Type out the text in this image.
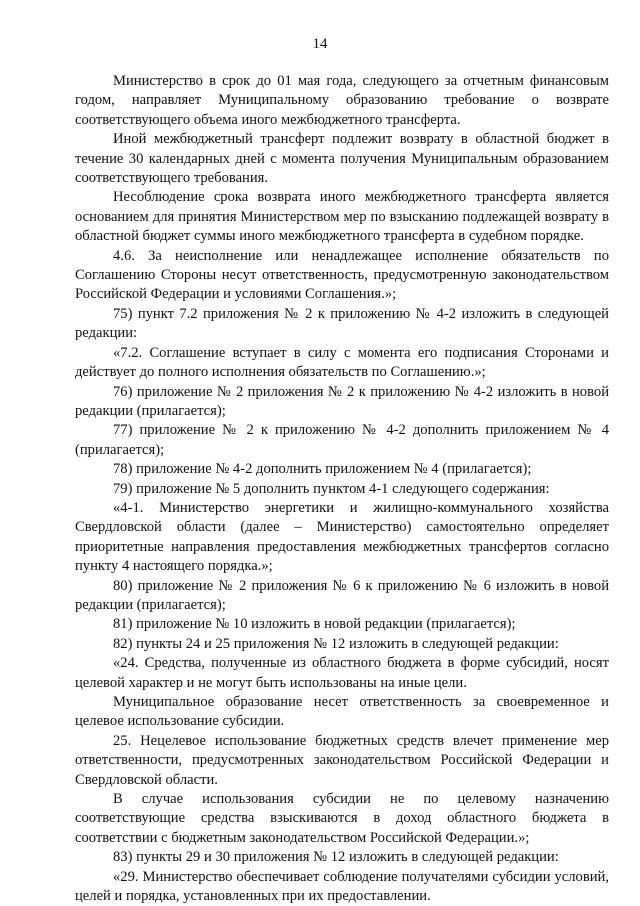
14

Министерство в срок до 01 мая года, следующего за отчетным финансовым годом, направляет Муниципальному образованию требование о возврате соответствующего объема иного межбюджетного трансферта.

Иной межбюджетный трансферт подлежит возврату в областной бюджет в течение 30 календарных дней с момента получения Муниципальным образованием соответствующего требования.

Несоблюдение срока возврата иного межбюджетного трансферта является основанием для принятия Министерством мер по взысканию подлежащей возврату в областной бюджет суммы иного межбюджетного трансферта в судебном порядке.

4.6. За неисполнение или ненадлежащее исполнение обязательств по Соглашению Стороны несут ответственность, предусмотренную законодательством Российской Федерации и условиями Соглашения.»;

75) пункт 7.2 приложения № 2 к приложению № 4-2 изложить в следующей редакции:

«7.2. Соглашение вступает в силу с момента его подписания Сторонами и действует до полного исполнения обязательств по Соглашению.»;

76) приложение № 2 приложения № 2 к приложению № 4-2 изложить в новой редакции (прилагается);

77) приложение № 2 к приложению № 4-2 дополнить приложением № 4 (прилагается);

78) приложение № 4-2 дополнить приложением № 4 (прилагается);

79) приложение № 5 дополнить пунктом 4-1 следующего содержания:

«4-1. Министерство энергетики и жилищно-коммунального хозяйства Свердловской области (далее – Министерство) самостоятельно определяет приоритетные направления предоставления межбюджетных трансфертов согласно пункту 4 настоящего порядка.»;

80) приложение № 2 приложения № 6 к приложению № 6 изложить в новой редакции (прилагается);

81) приложение № 10 изложить в новой редакции (прилагается);

82) пункты 24 и 25 приложения № 12 изложить в следующей редакции:

«24. Средства, полученные из областного бюджета в форме субсидий, носят целевой характер и не могут быть использованы на иные цели.

Муниципальное образование несет ответственность за своевременное и целевое использование субсидии.

25. Нецелевое использование бюджетных средств влечет применение мер ответственности, предусмотренных законодательством Российской Федерации и Свердловской области.

В случае использования субсидии не по целевому назначению соответствующие средства взыскиваются в доход областного бюджета в соответствии с бюджетным законодательством Российской Федерации.»;

83) пункты 29 и 30 приложения № 12 изложить в следующей редакции:

«29. Министерство обеспечивает соблюдение получателями субсидии условий, целей и порядка, установленных при их предоставлении.
